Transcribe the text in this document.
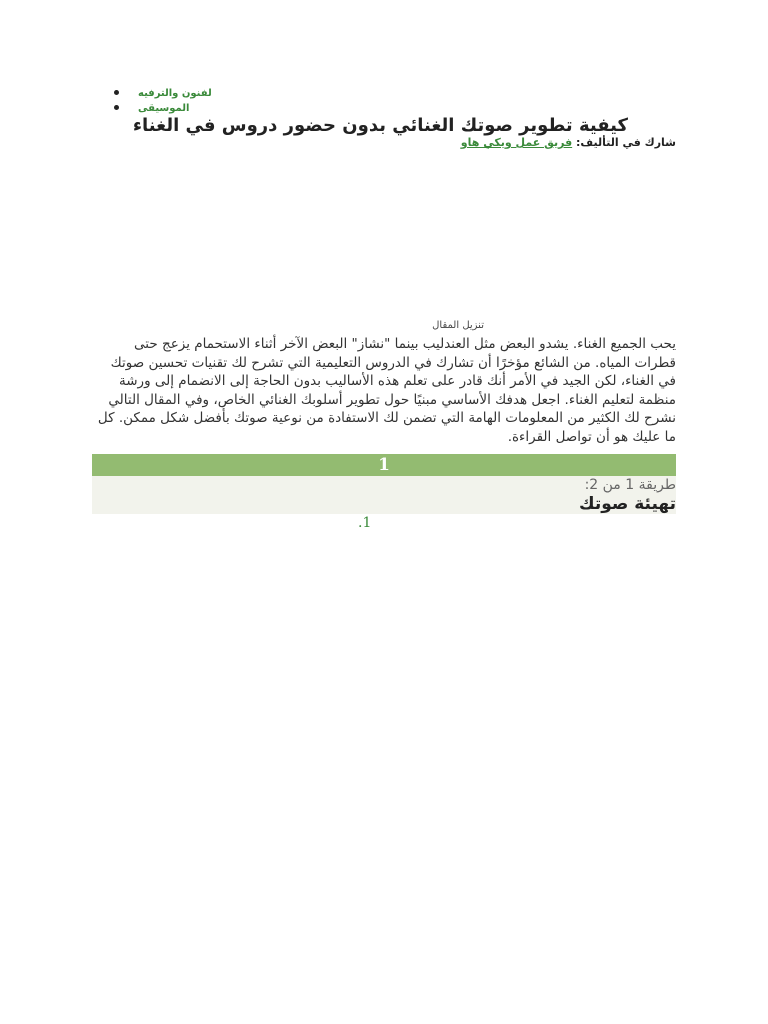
لفنون والترفيه
الموسيقى
كيفية تطوير صوتك الغنائي بدون حضور دروس في الغناء
شارك في التأليف: فريق عمل ويكي هاو
تنزيل المقال

يحب الجميع الغناء. يشدو البعض مثل العندليب بينما "نشاز" البعض الآخر أثناء الاستحمام يزعج حتى قطرات المياه. من الشائع مؤخرًا أن تشارك في الدروس التعليمية التي تشرح لك تقنيات تحسين صوتك في الغناء، لكن الجيد في الأمر أنك قادر على تعلم هذه الأساليب بدون الحاجة إلى الانضمام إلى ورشة منظمة لتعليم الغناء. اجعل هدفك الأساسي مبنيًا حول تطوير أسلوبك الغنائي الخاص، وفي المقال التالي نشرح لك الكثير من المعلومات الهامة التي تضمن لك الاستفادة من نوعية صوتك بأفضل شكل ممكن. كل ما عليك هو أن تواصل القراءة.

1
طريقة 1 من 2:
تهيئة صوتك
1.
